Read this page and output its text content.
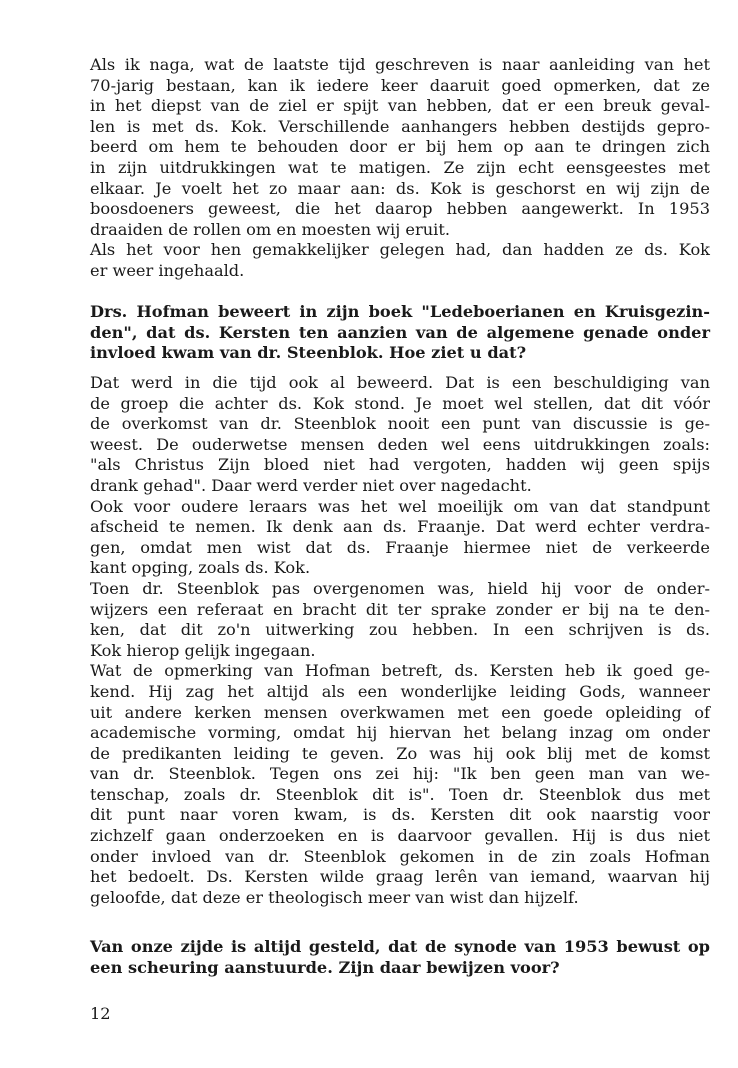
Als ik naga, wat de laatste tijd geschreven is naar aanleiding van het
70-jarig bestaan, kan ik iedere keer daaruit goed opmerken, dat ze
in het diepst van de ziel er spijt van hebben, dat er een breuk geval-
len is met ds. Kok. Verschillende aanhangers hebben destijds gepro-
beerd om hem te behouden door er bij hem op aan te dringen zich
in zijn uitdrukkingen wat te matigen. Ze zijn echt eensgeestes met
elkaar. Je voelt het zo maar aan: ds. Kok is geschorst en wij zijn de
boosdoeners geweest, die het daarop hebben aangewerkt. In 1953
draaiden de rollen om en moesten wij eruit.
Als het voor hen gemakkelijker gelegen had, dan hadden ze ds. Kok
er weer ingehaald.
Drs. Hofman beweert in zijn boek "Ledeboerianen en Kruisgezin-
den", dat ds. Kersten ten aanzien van de algemene genade onder
invloed kwam van dr. Steenblok. Hoe ziet u dat?
Dat werd in die tijd ook al beweerd. Dat is een beschuldiging van
de groep die achter ds. Kok stond. Je moet wel stellen, dat dit vóór
de overkomst van dr. Steenblok nooit een punt van discussie is ge-
weest. De ouderwetse mensen deden wel eens uitdrukkingen zoals:
"als Christus Zijn bloed niet had vergoten, hadden wij geen spijs
drank gehad". Daar werd verder niet over nagedacht.
Ook voor oudere leraars was het wel moeilijk om van dat standpunt
afscheid te nemen. Ik denk aan ds. Fraanje. Dat werd echter verdra-
gen, omdat men wist dat ds. Fraanje hiermee niet de verkeerde
kant opging, zoals ds. Kok.
Toen dr. Steenblok pas overgenomen was, hield hij voor de onder-
wijzers een referaat en bracht dit ter sprake zonder er bij na te den-
ken, dat dit zo'n uitwerking zou hebben. In een schrijven is ds.
Kok hierop gelijk ingegaan.
Wat de opmerking van Hofman betreft, ds. Kersten heb ik goed ge-
kend. Hij zag het altijd als een wonderlijke leiding Gods, wanneer
uit andere kerken mensen overkwamen met een goede opleiding of
academische vorming, omdat hij hiervan het belang inzag om onder
de predikanten leiding te geven. Zo was hij ook blij met de komst
van dr. Steenblok. Tegen ons zei hij: "Ik ben geen man van we-
tenschap, zoals dr. Steenblok dit is". Toen dr. Steenblok dus met
dit punt naar voren kwam, is ds. Kersten dit ook naarstig voor
zichzelf gaan onderzoeken en is daarvoor gevallen. Hij is dus niet
onder invloed van dr. Steenblok gekomen in de zin zoals Hofman
het bedoelt. Ds. Kersten wilde graag lerên van iemand, waarvan hij
geloofde, dat deze er theologisch meer van wist dan hijzelf.
Van onze zijde is altijd gesteld, dat de synode van 1953 bewust op
een scheuring aanstuurde. Zijn daar bewijzen voor?
12
